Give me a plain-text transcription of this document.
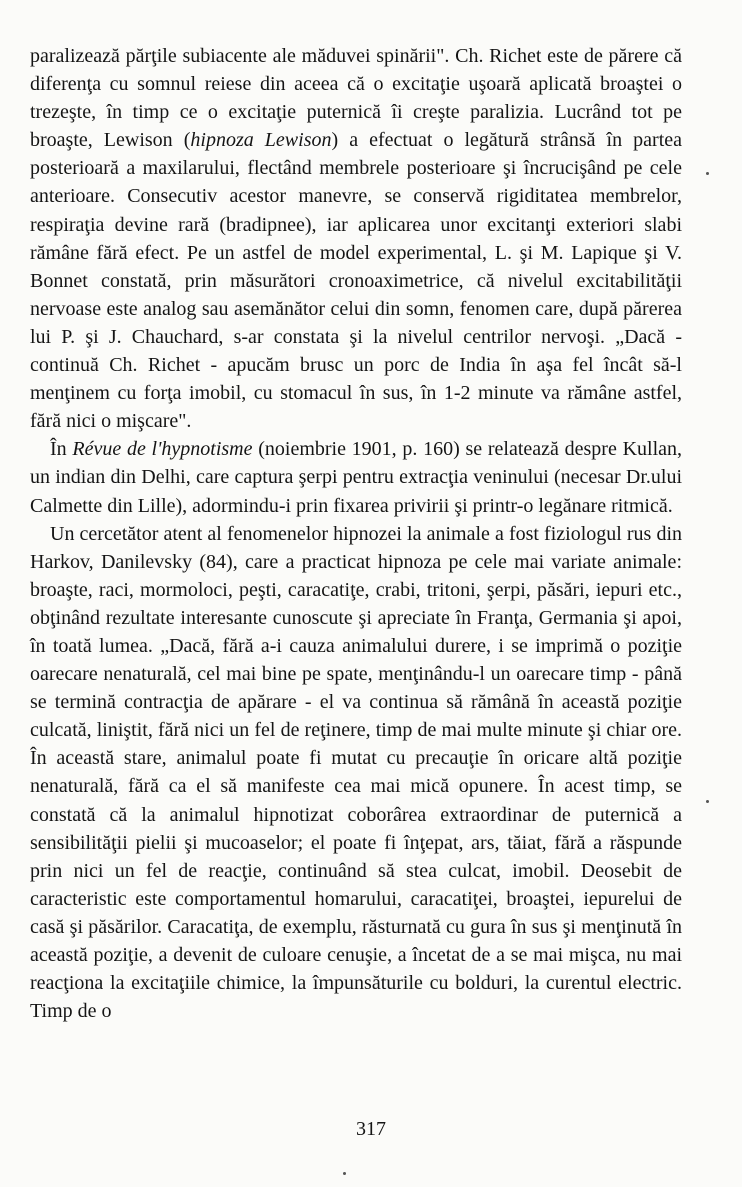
paralizează părţile subiacente ale măduvei spinării". Ch. Richet este de părere că diferenţa cu somnul reiese din aceea că o excitaţie uşoară aplicată broaştei o trezeşte, în timp ce o excitaţie puternică îi creşte paralizia. Lucrând tot pe broaşte, Lewison (hipnoza Lewison) a efectuat o legătură strânsă în partea posterioară a maxilarului, flectând membrele posterioare şi încrucişând pe cele anterioare. Consecutiv acestor manevre, se conservă rigiditatea membrelor, respiraţia devine rară (bradipnee), iar aplicarea unor excitanţi exteriori slabi rămâne fără efect. Pe un astfel de model experimental, L. şi M. Lapique şi V. Bonnet constată, prin măsurători cronoaximetrice, că nivelul excitabilităţii nervoase este analog sau asemănător celui din somn, fenomen care, după părerea lui P. şi J. Chauchard, s-ar constata şi la nivelul centrilor nervoşi. „Dacă - continuă Ch. Richet - apucăm brusc un porc de India în aşa fel încât să-l menţinem cu forţa imobil, cu stomacul în sus, în 1-2 minute va rămâne astfel, fără nici o mişcare".

În Révue de l'hypnotisme (noiembrie 1901, p. 160) se relatează despre Kullan, un indian din Delhi, care captura şerpi pentru extracţia veninului (necesar Dr.ului Calmette din Lille), adormindu-i prin fixarea privirii şi printr-o legănare ritmică.

Un cercetător atent al fenomenelor hipnozei la animale a fost fiziologul rus din Harkov, Danilevsky (84), care a practicat hipnoza pe cele mai variate animale: broaşte, raci, mormoloci, peşti, caracatiţe, crabi, tritoni, şerpi, păsări, iepuri etc., obţinând rezultate interesante cunoscute şi apreciate în Franţa, Germania şi apoi, în toată lumea. „Dacă, fără a-i cauza animalului durere, i se imprimă o poziţie oarecare nenaturală, cel mai bine pe spate, menţinându-l un oarecare timp - până se termină contracţia de apărare - el va continua să rămână în această poziţie culcată, liniştit, fără nici un fel de reţinere, timp de mai multe minute şi chiar ore. În această stare, animalul poate fi mutat cu precauţie în oricare altă poziţie nenaturală, fără ca el să manifeste cea mai mică opunere. În acest timp, se constată că la animalul hipnotizat coborârea extraordinar de puternică a sensibilităţii pielii şi mucoaselor; el poate fi înţepat, ars, tăiat, fără a răspunde prin nici un fel de reacţie, continuând să stea culcat, imobil. Deosebit de caracteristic este comportamentul homarului, caracatiţei, broaştei, iepurelui de casă şi păsărilor. Caracatiţa, de exemplu, răsturnată cu gura în sus şi menţinută în această poziţie, a devenit de culoare cenuşie, a încetat de a se mai mişca, nu mai reacţiona la excitaţiile chimice, la împunsăturile cu bolduri, la curentul electric. Timp de o

317
